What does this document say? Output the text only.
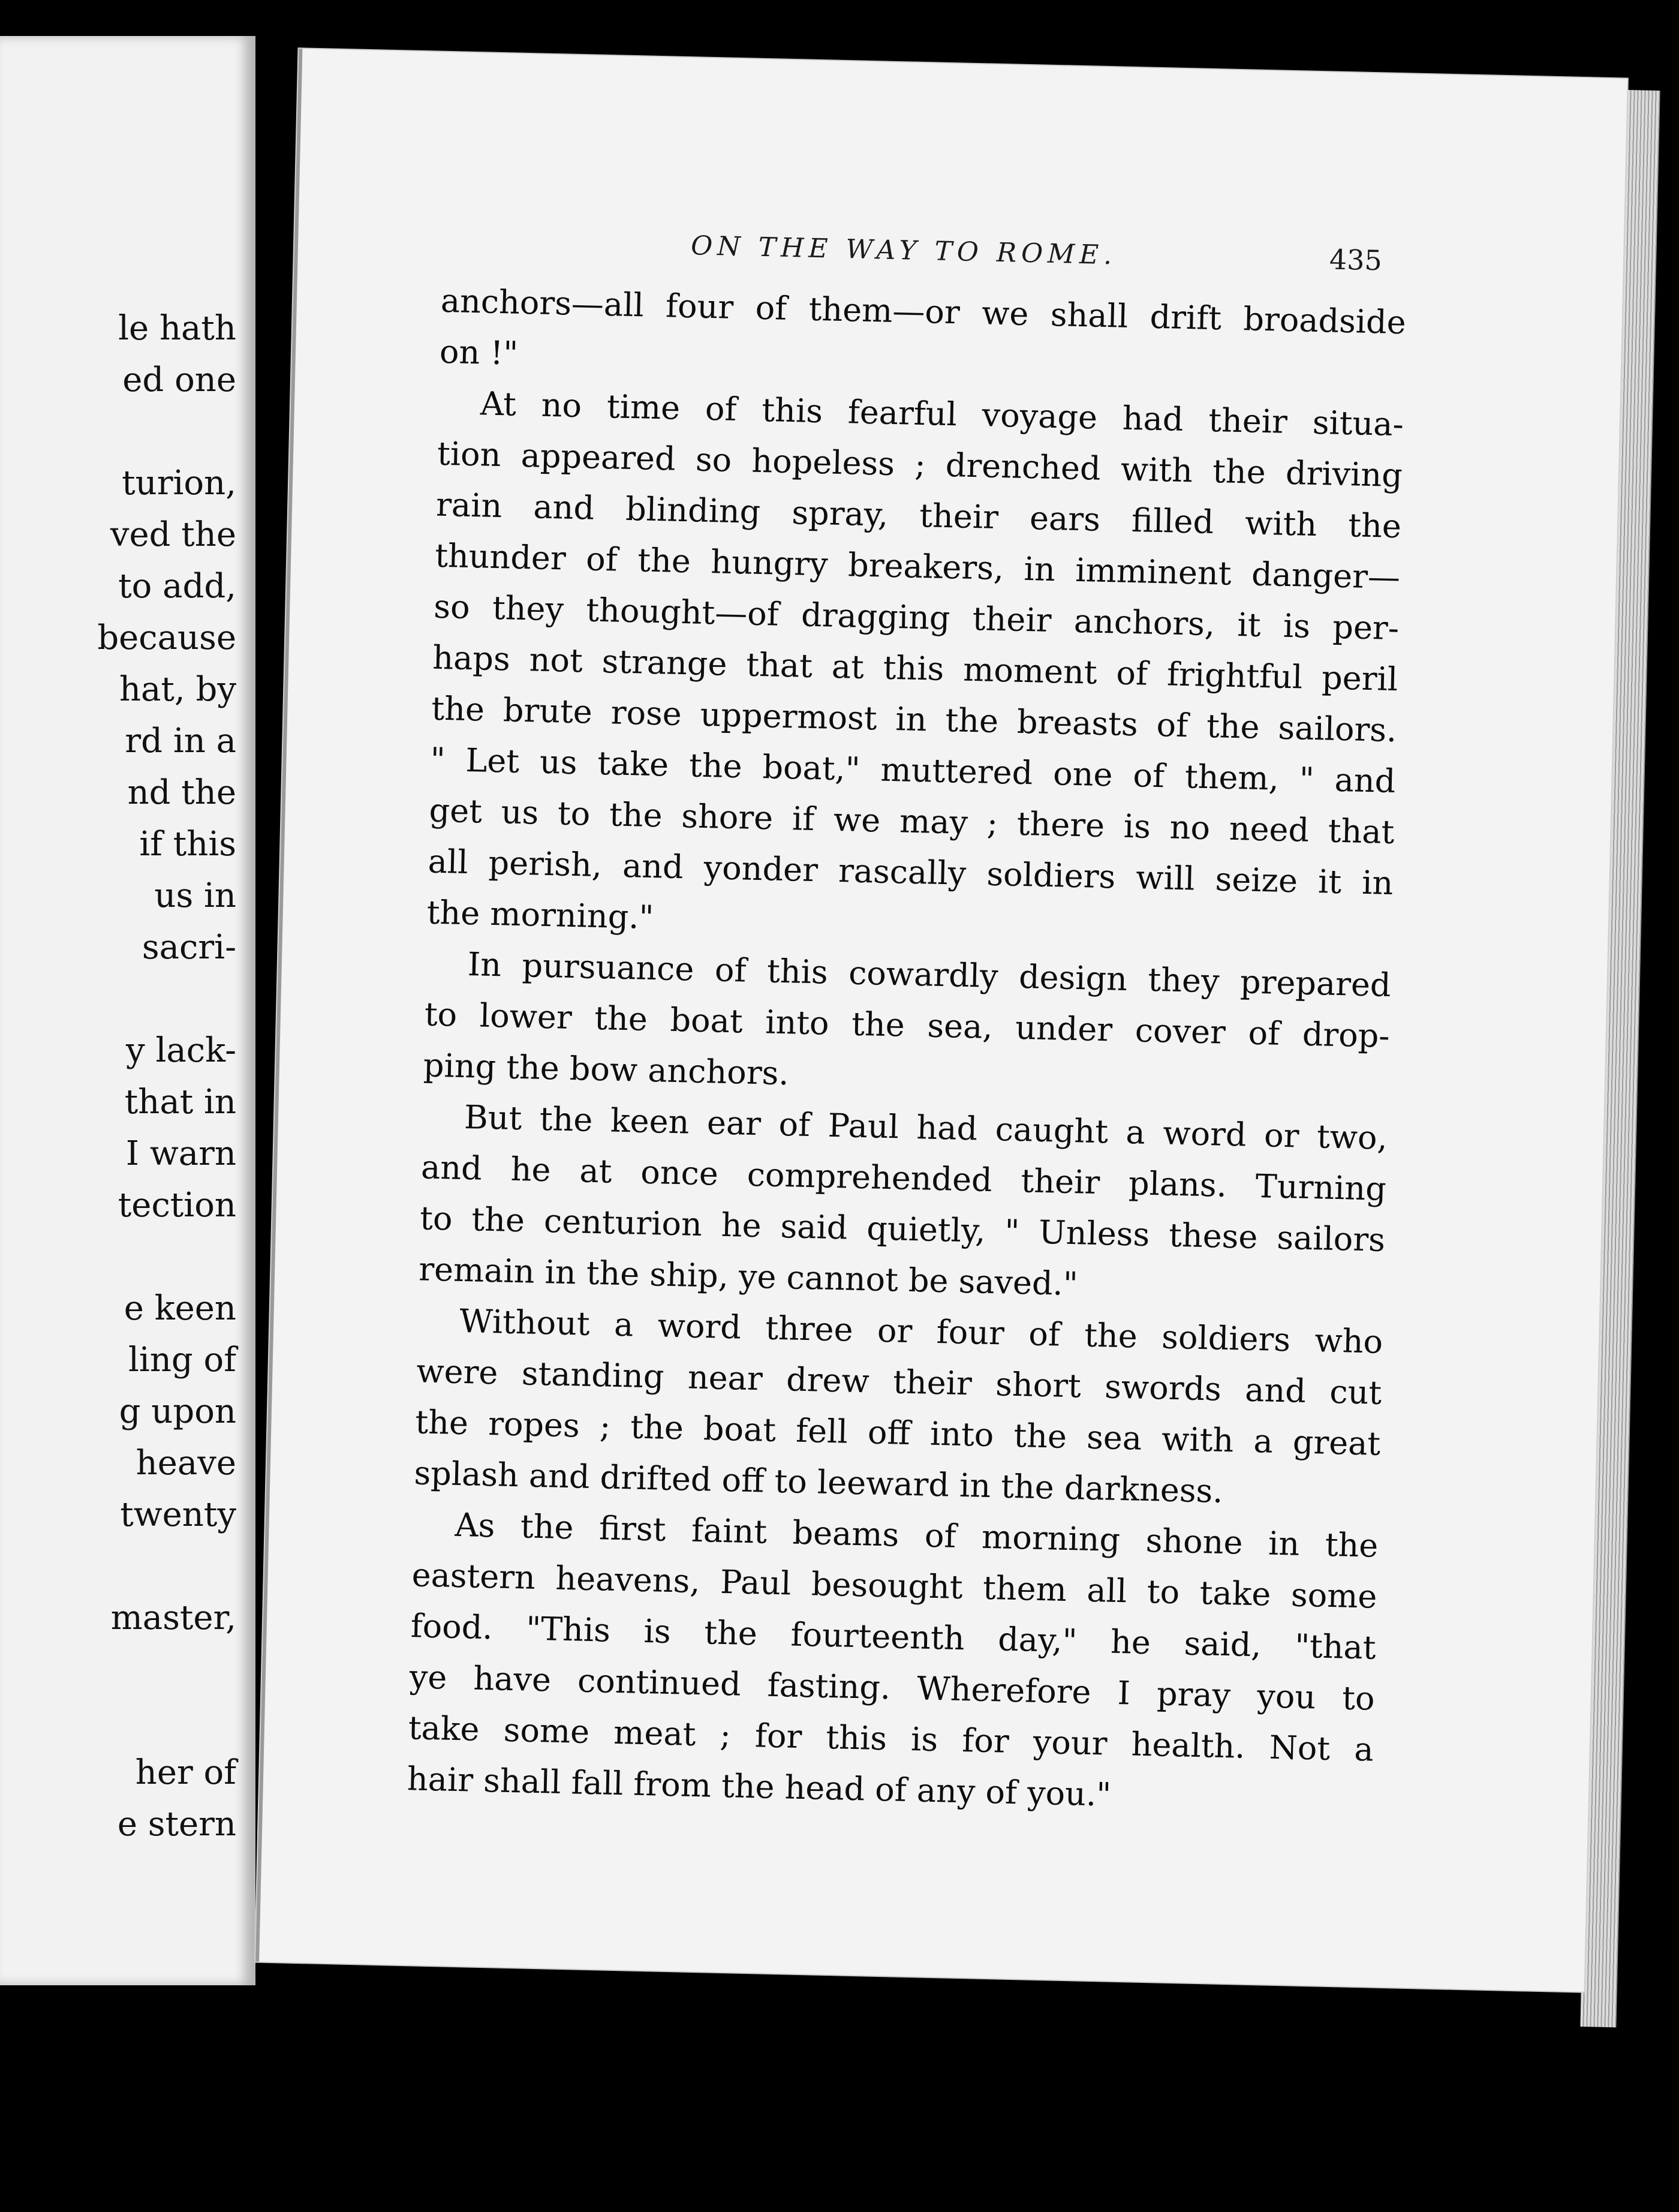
le hath
ed one
turion,
ved the
to add,
because
hat, by
rd in a
nd the
if this
us in
sacri-
y lack-
that in
I warn
tection
e keen
ling of
g upon
heave
twenty
master,
her of
e stern
ON THE WAY TO ROME.	435
anchors—all four of them—or we shall drift broadside
on !"
At no time of this fearful voyage had their situa-
tion appeared so hopeless ; drenched with the driving
rain and blinding spray, their ears filled with the
thunder of the hungry breakers, in imminent danger—
so they thought—of dragging their anchors, it is per-
haps not strange that at this moment of frightful peril
the brute rose uppermost in the breasts of the sailors.
" Let us take the boat," muttered one of them, " and
get us to the shore if we may ; there is no need that
all perish, and yonder rascally soldiers will seize it in
the morning."
In pursuance of this cowardly design they prepared
to lower the boat into the sea, under cover of drop-
ping the bow anchors.
But the keen ear of Paul had caught a word or two,
and he at once comprehended their plans. Turning
to the centurion he said quietly, " Unless these sailors
remain in the ship, ye cannot be saved."
Without a word three or four of the soldiers who
were standing near drew their short swords and cut
the ropes ; the boat fell off into the sea with a great
splash and drifted off to leeward in the darkness.
As the first faint beams of morning shone in the
eastern heavens, Paul besought them all to take some
food. "This is the fourteenth day," he said, "that
ye have continued fasting. Wherefore I pray you to
take some meat ; for this is for your health. Not a
hair shall fall from the head of any of you."
